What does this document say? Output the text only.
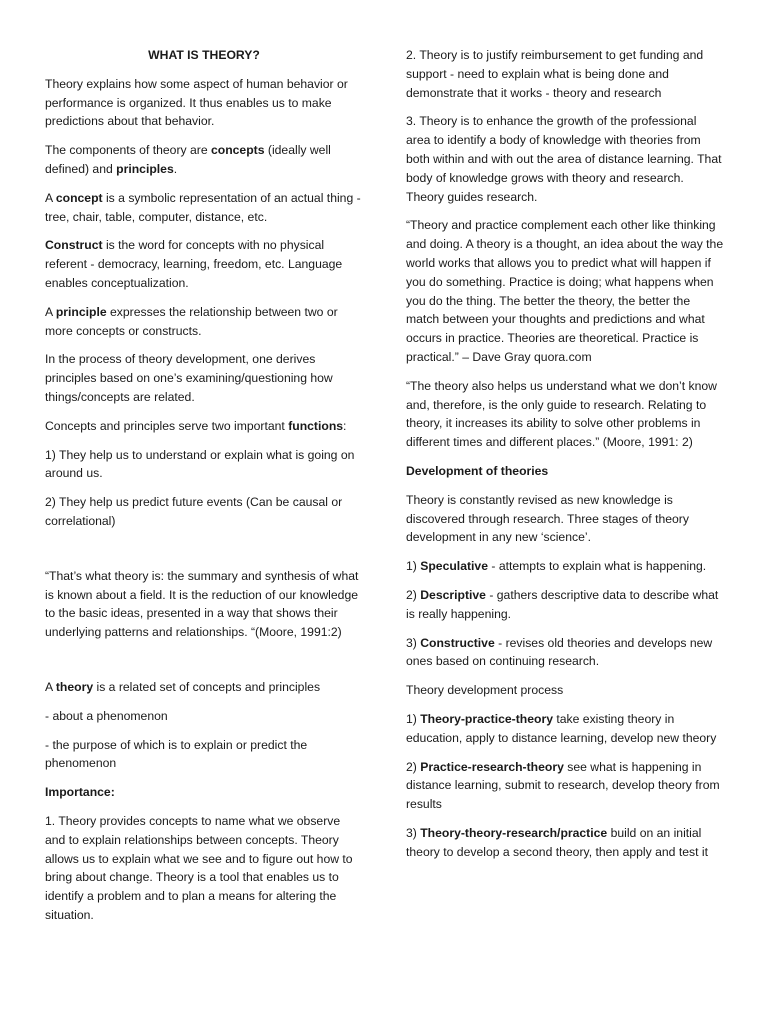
WHAT IS THEORY?

Theory explains how some aspect of human behavior or performance is organized. It thus enables us to make predictions about that behavior.

The components of theory are concepts (ideally well defined) and principles.

A concept is a symbolic representation of an actual thing - tree, chair, table, computer, distance, etc.

Construct is the word for concepts with no physical referent - democracy, learning, freedom, etc. Language enables conceptualization.

A principle expresses the relationship between two or more concepts or constructs.

In the process of theory development, one derives principles based on one’s examining/questioning how things/concepts are related.

Concepts and principles serve two important functions:

1) They help us to understand or explain what is going on around us.

2) They help us predict future events (Can be causal or correlational)

“That’s what theory is: the summary and synthesis of what is known about a field. It is the reduction of our knowledge to the basic ideas, presented in a way that shows their underlying patterns and relationships. “(Moore, 1991:2)

A theory is a related set of concepts and principles

- about a phenomenon

- the purpose of which is to explain or predict the phenomenon

Importance:

1. Theory provides concepts to name what we observe and to explain relationships between concepts. Theory allows us to explain what we see and to figure out how to bring about change. Theory is a tool that enables us to identify a problem and to plan a means for altering the situation.

2. Theory is to justify reimbursement to get funding and support - need to explain what is being done and demonstrate that it works - theory and research

3. Theory is to enhance the growth of the professional area to identify a body of knowledge with theories from both within and with out the area of distance learning. That body of knowledge grows with theory and research. Theory guides research.

“Theory and practice complement each other like thinking and doing. A theory is a thought, an idea about the way the world works that allows you to predict what will happen if you do something. Practice is doing; what happens when you do the thing. The better the theory, the better the match between your thoughts and predictions and what occurs in practice. Theories are theoretical. Practice is practical.” – Dave Gray quora.com

“The theory also helps us understand what we don’t know and, therefore, is the only guide to research. Relating to theory, it increases its ability to solve other problems in different times and different places.” (Moore, 1991: 2)

Development of theories

Theory is constantly revised as new knowledge is discovered through research. Three stages of theory development in any new ‘science’.

1) Speculative - attempts to explain what is happening.

2) Descriptive - gathers descriptive data to describe what is really happening.

3) Constructive - revises old theories and develops new ones based on continuing research.

Theory development process

1) Theory-practice-theory take existing theory in education, apply to distance learning, develop new theory

2) Practice-research-theory see what is happening in distance learning, submit to research, develop theory from results

3) Theory-theory-research/practice build on an initial theory to develop a second theory, then apply and test it
